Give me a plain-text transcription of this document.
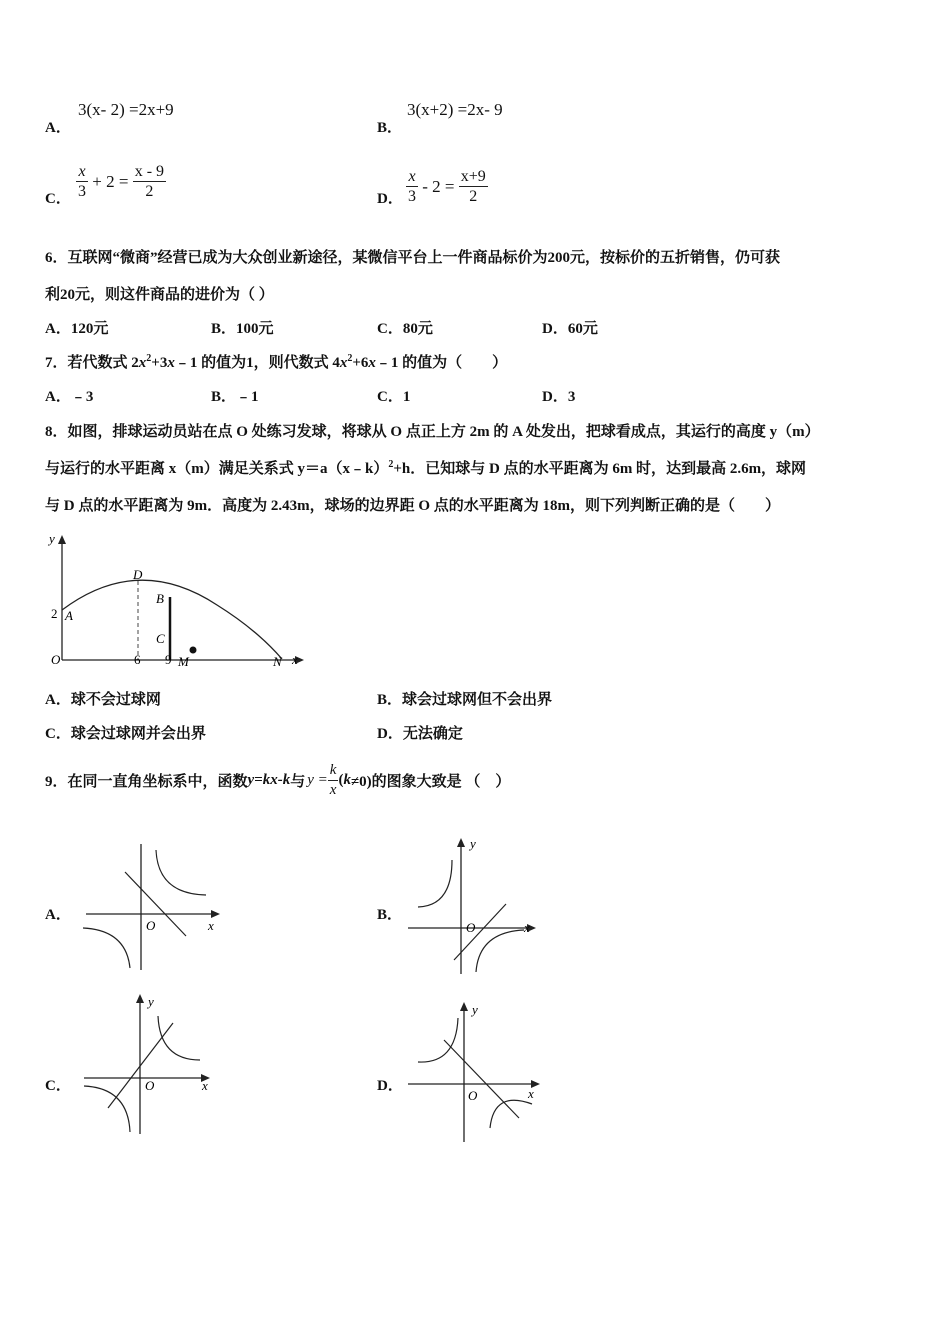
A．
3(x- 2) =2x+9
B．
3(x+2) =2x- 9
C． $\frac{x}{3} + 2 = \frac{x - 9}{2}$	D． $\frac{x}{3} - 2 = \frac{x+9}{2}$
6．互联网“微商”经营已成为大众创业新途径，某微信平台上一件商品标价为200元，按标价的五折销售，仍可获
利20元，则这件商品的进价为（ ）
A．120元	B．100元	C．80元	D．60元
7．若代数式 $2x^2+3x﹣1$ 的值为1，则代数式 $4x^2+6x﹣1$ 的值为（　　）
A．﹣3	B．﹣1	C．1	D．3
8．如图，排球运动员站在点 O 处练习发球，将球从 O 点正上方 2m 的 A 处发出，把球看成点，其运行的高度 y（m）
与运行的水平距离 x（m）满足关系式 y＝a（x﹣k）$^2$+h．已知球与 D 点的水平距离为 6m 时，达到最高 2.6m，球网
与 D 点的水平距离为 9m．高度为 2.43m，球场的边界距 O 点的水平距离为 18m，则下列判断正确的是（　　）
y
x
O
2 A
D
B
C
6 9 M	N
A．球不会过球网	B．球会过球网但不会出界
C．球会过球网并会出界	D．无法确定
9．在同一直角坐标系中，函数 y=kx-k 与 $y = \frac{k}{x}$ ( k ≠0)的图象大致是 （　）
A．
x
O
B．
y
x
O
C．
y
x
O	D．
y
x
O
